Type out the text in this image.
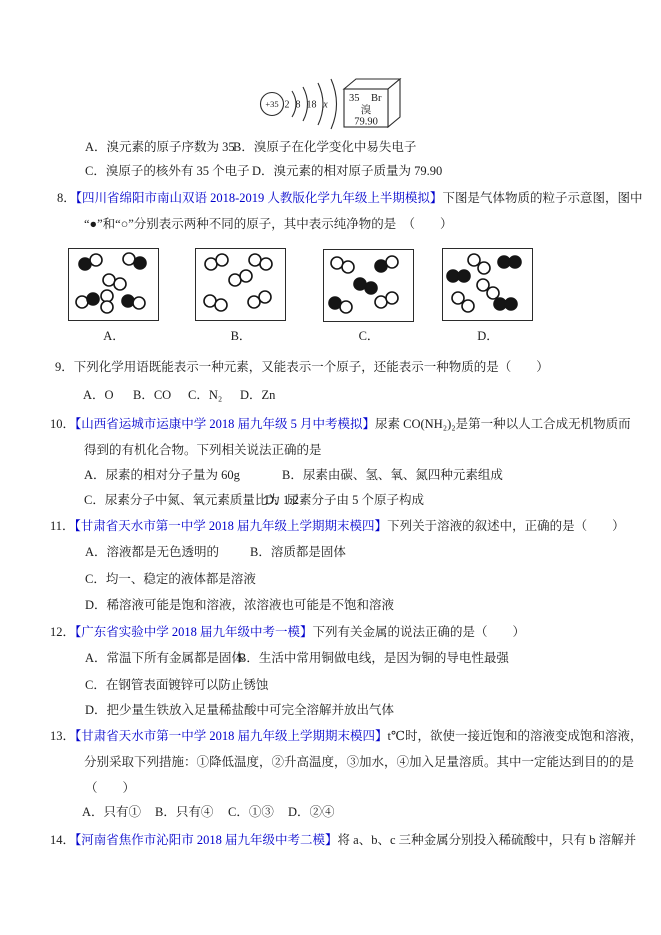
+35 2 8 18 x
35 Br
溴
79.90
A．溴元素的原子序数为 35
B．溴原子在化学变化中易失电子
C．溴原子的核外有 35 个电子 D．溴元素的相对原子质量为 79.90
8．【四川省绵阳市南山双语 2018-2019 人教版化学九年级上半期模拟】下图是气体物质的粒子示意图，图中
“●”和“○”分别表示两种不同的原子，其中表示纯净物的是　（　　）
A．	B．	C．	D．
9．下列化学用语既能表示一种元素，又能表示一个原子，还能表示一种物质的是（　　）
A．O B．CO C．N₂ D．Zn
10．【山西省运城市运康中学 2018 届九年级 5 月中考模拟】尿素 CO(NH₂)₂是第一种以人工合成无机物质而
得到的有机化合物。下列相关说法正确的是
A．尿素的相对分子量为 60g	B．尿素由碳、氢、氧、氮四种元素组成
C．尿素分子中氮、氧元素质量比为 1:2
D．尿素分子由 5 个原子构成
11．【甘肃省天水市第一中学 2018 届九年级上学期期末模四】下列关于溶液的叙述中，正确的是（　　）
A．溶液都是无色透明的 B．溶质都是固体
C．均一、稳定的液体都是溶液
D．稀溶液可能是饱和溶液，浓溶液也可能是不饱和溶液
12．【广东省实验中学 2018 届九年级中考一模】下列有关金属的说法正确的是（　　）
A．常温下所有金属都是固体
B．生活中常用铜做电线，是因为铜的导电性最强
C．在钢管表面镀锌可以防止锈蚀
D．把少量生铁放入足量稀盐酸中可完全溶解并放出气体
13．【甘肃省天水市第一中学 2018 届九年级上学期期末模四】t℃时，欲使一接近饱和的溶液变成饱和溶液，
分别采取下列措施：①降低温度，②升高温度，③加水，④加入足量溶质。其中一定能达到目的的是
（　　）
A．只有① B．只有④ C．①③ D．②④
14．【河南省焦作市沁阳市 2018 届九年级中考二模】将 a、b、c 三种金属分别投入稀硫酸中，只有 b 溶解并
